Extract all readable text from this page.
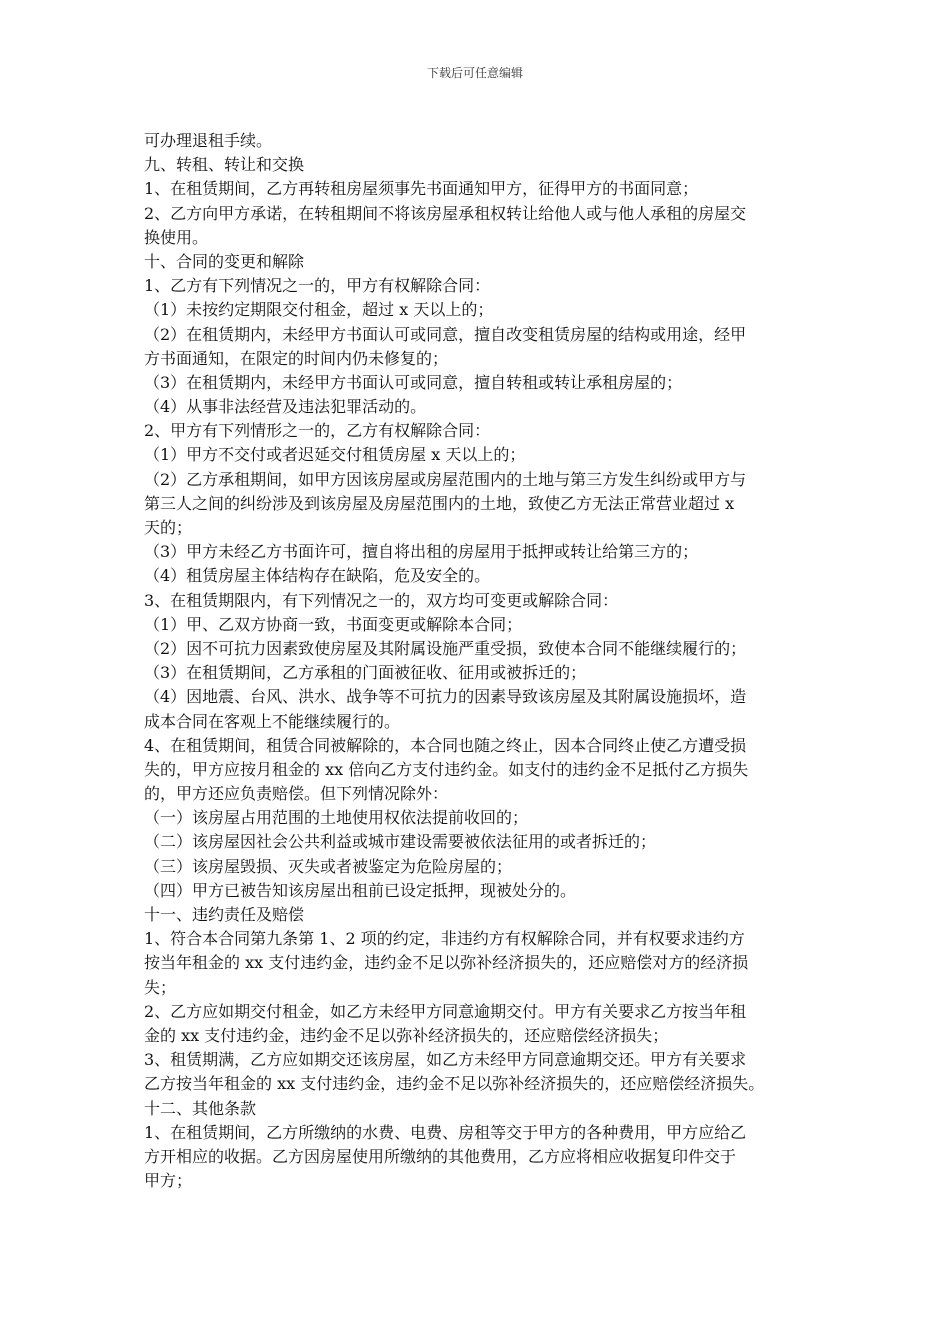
下载后可任意编辑
可办理退租手续。
九、转租、转让和交换
1、在租赁期间，乙方再转租房屋须事先书面通知甲方，征得甲方的书面同意；
2、乙方向甲方承诺，在转租期间不将该房屋承租权转让给他人或与他人承租的房屋交
换使用。
十、合同的变更和解除
1、乙方有下列情况之一的，甲方有权解除合同：
（1）未按约定期限交付租金，超过 x 天以上的；
（2）在租赁期内，未经甲方书面认可或同意，擅自改变租赁房屋的结构或用途，经甲
方书面通知，在限定的时间内仍未修复的；
（3）在租赁期内，未经甲方书面认可或同意，擅自转租或转让承租房屋的；
（4）从事非法经营及违法犯罪活动的。
2、甲方有下列情形之一的，乙方有权解除合同：
（1）甲方不交付或者迟延交付租赁房屋 x 天以上的；
（2）乙方承租期间，如甲方因该房屋或房屋范围内的土地与第三方发生纠纷或甲方与
第三人之间的纠纷涉及到该房屋及房屋范围内的土地，致使乙方无法正常营业超过 x
天的；
（3）甲方未经乙方书面许可，擅自将出租的房屋用于抵押或转让给第三方的；
（4）租赁房屋主体结构存在缺陷，危及安全的。
3、在租赁期限内，有下列情况之一的，双方均可变更或解除合同：
（1）甲、乙双方协商一致，书面变更或解除本合同；
（2）因不可抗力因素致使房屋及其附属设施严重受损，致使本合同不能继续履行的；
（3）在租赁期间，乙方承租的门面被征收、征用或被拆迁的；
（4）因地震、台风、洪水、战争等不可抗力的因素导致该房屋及其附属设施损坏，造
成本合同在客观上不能继续履行的。
4、在租赁期间，租赁合同被解除的，本合同也随之终止，因本合同终止使乙方遭受损
失的，甲方应按月租金的 xx 倍向乙方支付违约金。如支付的违约金不足抵付乙方损失
的，甲方还应负责赔偿。但下列情况除外：
（一）该房屋占用范围的土地使用权依法提前收回的；
（二）该房屋因社会公共利益或城市建设需要被依法征用的或者拆迁的；
（三）该房屋毁损、灭失或者被鉴定为危险房屋的；
（四）甲方已被告知该房屋出租前已设定抵押，现被处分的。
十一、违约责任及赔偿
1、符合本合同第九条第 1、2 项的约定，非违约方有权解除合同，并有权要求违约方
按当年租金的 xx 支付违约金，违约金不足以弥补经济损失的，还应赔偿对方的经济损
失；
2、乙方应如期交付租金，如乙方未经甲方同意逾期交付。甲方有关要求乙方按当年租
金的 xx 支付违约金，违约金不足以弥补经济损失的，还应赔偿经济损失；
3、租赁期满，乙方应如期交还该房屋，如乙方未经甲方同意逾期交还。甲方有关要求
乙方按当年租金的 xx 支付违约金，违约金不足以弥补经济损失的，还应赔偿经济损失。
十二、其他条款
1、在租赁期间，乙方所缴纳的水费、电费、房租等交于甲方的各种费用，甲方应给乙
方开相应的收据。乙方因房屋使用所缴纳的其他费用，乙方应将相应收据复印件交于
甲方；
